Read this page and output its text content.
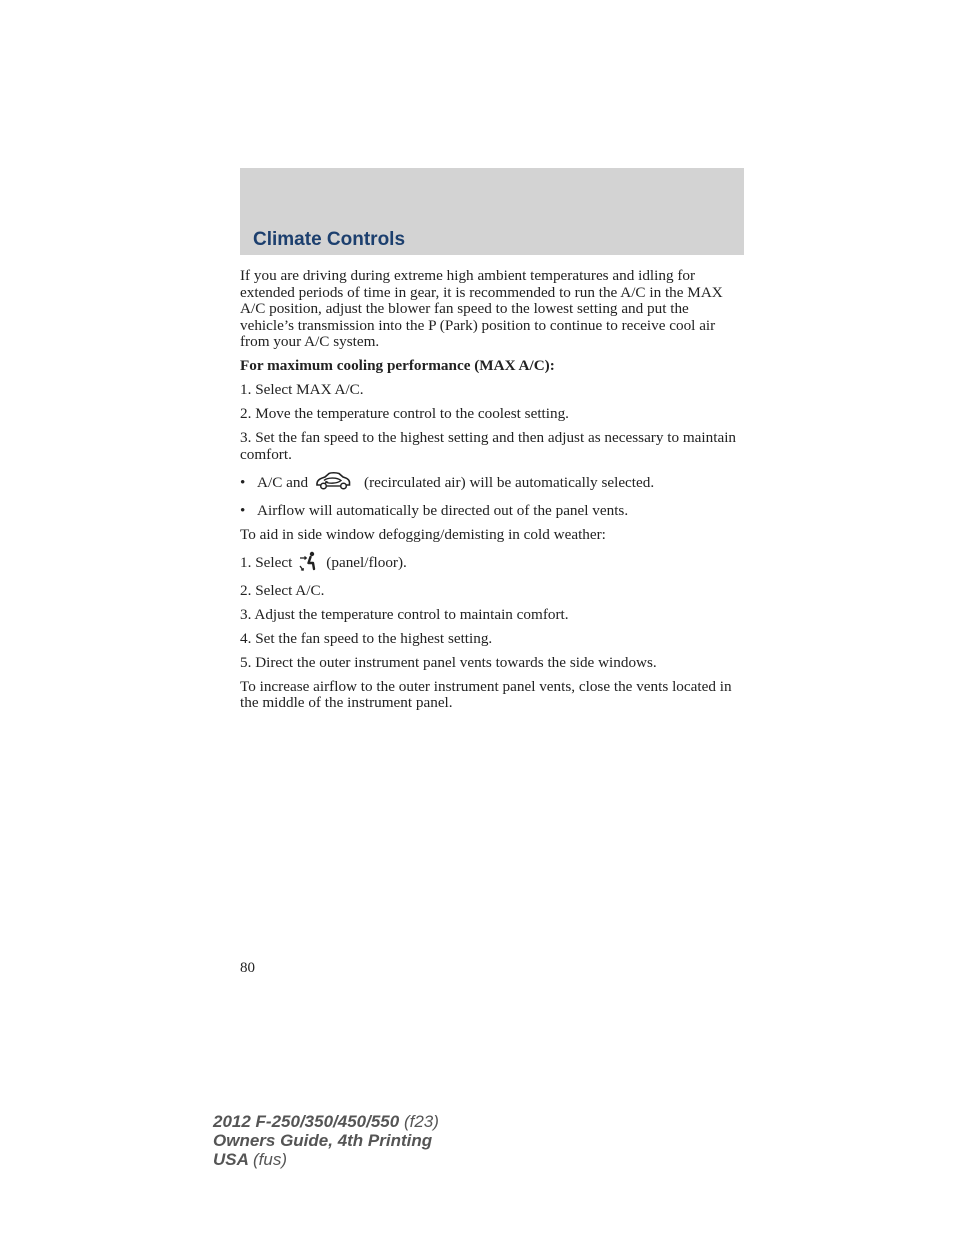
Climate Controls

If you are driving during extreme high ambient temperatures and idling for extended periods of time in gear, it is recommended to run the A/C in the MAX A/C position, adjust the blower fan speed to the lowest setting and put the vehicle’s transmission into the P (Park) position to continue to receive cool air from your A/C system.

For maximum cooling performance (MAX A/C):

1. Select MAX A/C.

2. Move the temperature control to the coolest setting.

3. Set the fan speed to the highest setting and then adjust as necessary to maintain comfort.

• A/C and	(recirculated air) will be automatically selected.

• Airflow will automatically be directed out of the panel vents.

To aid in side window defogging/demisting in cold weather:

1. Select (panel/floor).

2. Select A/C.

3. Adjust the temperature control to maintain comfort.

4. Set the fan speed to the highest setting.

5. Direct the outer instrument panel vents towards the side windows.

To increase airflow to the outer instrument panel vents, close the vents located in the middle of the instrument panel.

80
2012 F-250/350/450/550 (f23)
Owners Guide, 4th Printing
USA (fus)
